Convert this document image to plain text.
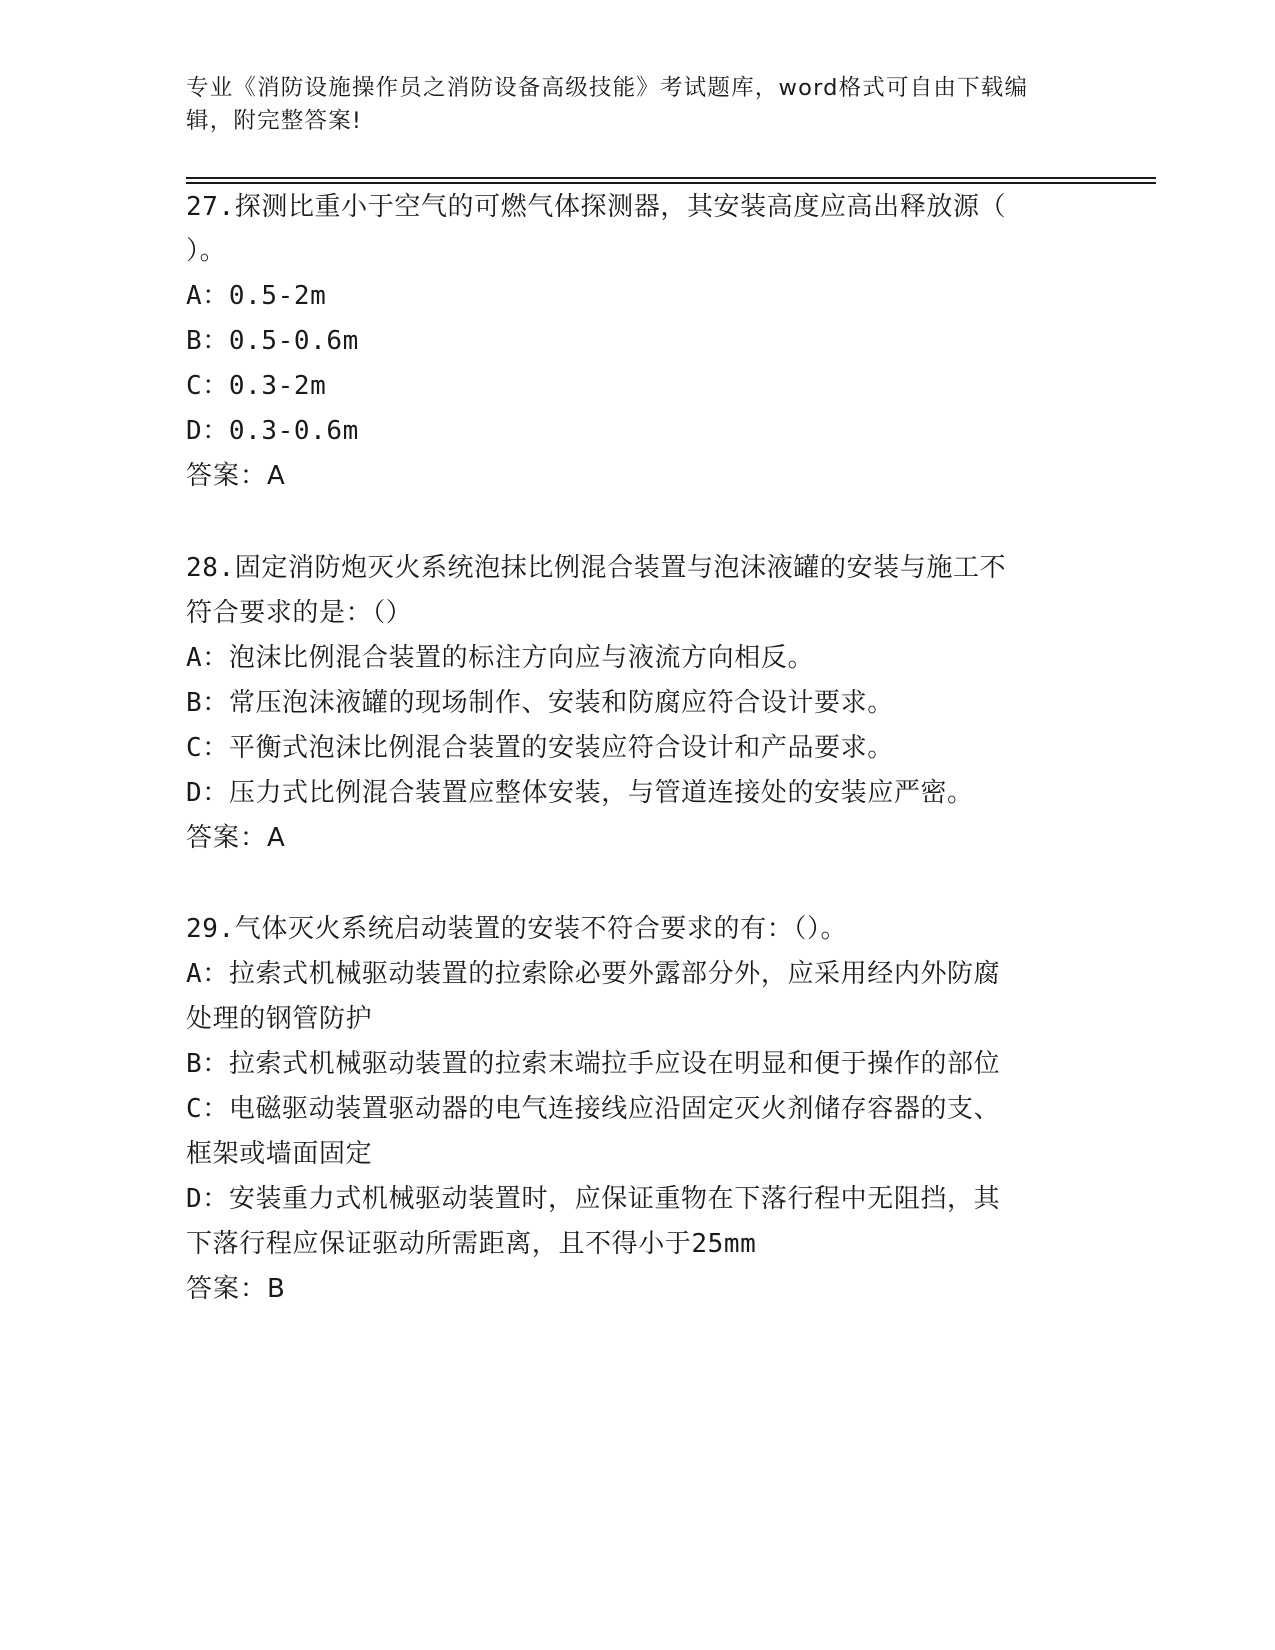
专业《消防设施操作员之消防设备高级技能》考试题库，word格式可自由下载编
辑，附完整答案!
27.探测比重小于空气的可燃气体探测器，其安装高度应高出释放源（
）。
A：0.5-2m
B：0.5-0.6m
C：0.3-2m
D：0.3-0.6m
答案：A
28.固定消防炮灭火系统泡抹比例混合装置与泡沫液罐的安装与施工不
符合要求的是：（）
A：泡沫比例混合装置的标注方向应与液流方向相反。
B：常压泡沫液罐的现场制作、安装和防腐应符合设计要求。
C：平衡式泡沫比例混合装置的安装应符合设计和产品要求。
D：压力式比例混合装置应整体安装，与管道连接处的安装应严密。
答案：A
29.气体灭火系统启动装置的安装不符合要求的有：（）。
A：拉索式机械驱动装置的拉索除必要外露部分外，应采用经内外防腐
处理的钢管防护
B：拉索式机械驱动装置的拉索末端拉手应设在明显和便于操作的部位
C：电磁驱动装置驱动器的电气连接线应沿固定灭火剂储存容器的支、
框架或墙面固定
D：安装重力式机械驱动装置时，应保证重物在下落行程中无阻挡，其
下落行程应保证驱动所需距离，且不得小于25mm
答案：B
